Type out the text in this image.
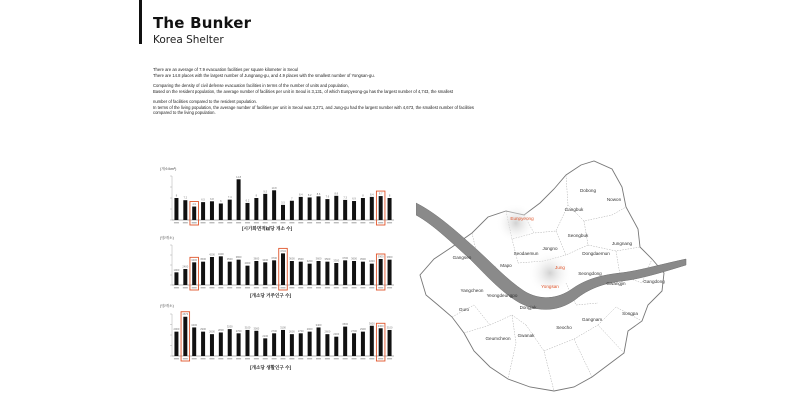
The Bunker
Korea Shelter

There are an average of 7.9 evacuation facilities per square kilometer in Seoul

There are 14.8 places with the largest number of Jungnang-gu, and 4.9 places with the smallest number of Yongsan-gu.

Comparing the density of civil defense evacuation facilities in terms of the number of units and population,

Based on the resident population, the average number of facilities per unit in Seoul is 3,131, of which Eunpyeong-gu has the largest number of 4,743, the smallest

number of facilities compared to the resident population.

In terms of the living population, the average number of facilities per unit in Seoul was 3,271, and Jung-gu had the largest number with 4,673, the smallest number of facilities

compared to the living population.

(개소/km²)
8
7.2
4.9
6.5 6.8
6
7.4
14.8
6.2
8
9.5
10.8
5.5
7
8.4 8.2 8.6
7.6
8.8
7.3 6.9
8 8.4 8.7
8
[시가화면적㎢당 개소 수]
(명/개소)
1900
2400
3400 3500
4200 4300
3500
3800
2900
3600 3400
3700
4743
3600 3500
3200
3600 3500 3300
3700 3600 3500
3200
3900 3800
[개소당 거주인구 수]
(명/개소)
2900
4673
3400
2900
2600
2800
3200
2700
3100 3000
2100
2700
3100
2600 2700
2900
3400
2600
2300
3500
2700
2900
3600
3300
3100
[개소당 생활인구 수]
Dobong
Nowon
Gangbuk
Eunpyeong
Seongbuk
Jongno
Jungnang
Dongdaemun
Seodaemun
Gangseo
Mapo	Jung
Seongdong
Gwangjin	Gangdong
Yongsan
Yangcheon
Yeongdeungpo
Guro	Dongjak
Songpa
Gangnam
Seocho
Gwanak
Geumcheon
